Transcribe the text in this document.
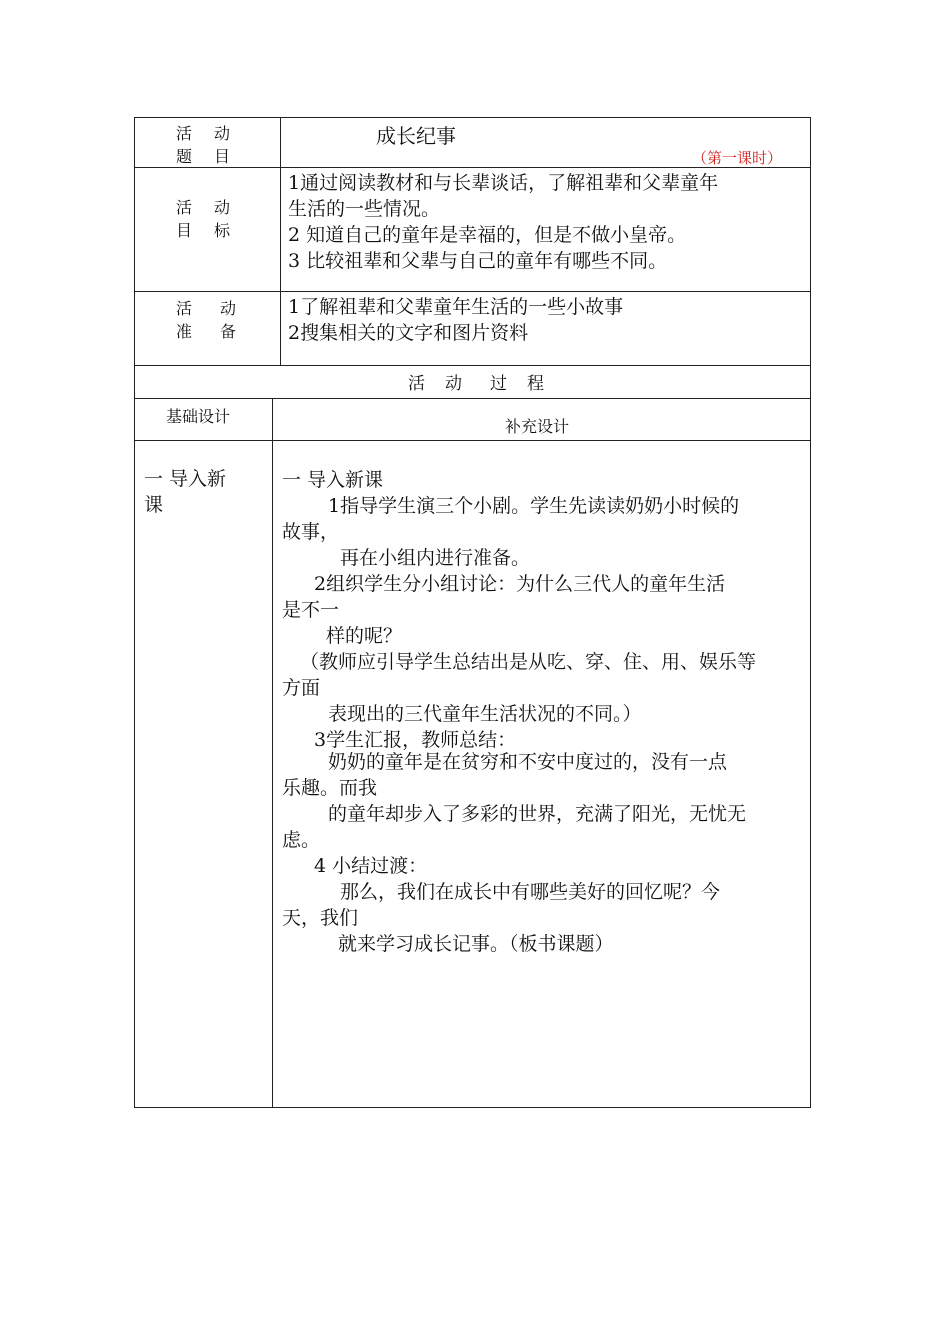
活 动
题 目
成长纪事
（第一课时）
活 动
目 标
1通过阅读教材和与长辈谈话，了解祖辈和父辈童年
生活的一些情况。
2 知道自己的童年是幸福的，但是不做小皇帝。
3 比较祖辈和父辈与自己的童年有哪些不同。
活 动
准 备
1了解祖辈和父辈童年生活的一些小故事
2搜集相关的文字和图片资料
活 动 过 程
基础设计
补充设计
一 导入新
课
一 导入新课
1指导学生演三个小剧。学生先读读奶奶小时候的
故事，
再在小组内进行准备。
2组织学生分小组讨论：为什么三代人的童年生活
是不一
样的呢？
（教师应引导学生总结出是从吃、穿、住、用、娱乐等
方面
表现出的三代童年生活状况的不同。）
3学生汇报，教师总结：
奶奶的童年是在贫穷和不安中度过的，没有一点
乐趣。而我
的童年却步入了多彩的世界，充满了阳光，无忧无
虑。
4 小结过渡：
那么，我们在成长中有哪些美好的回忆呢？今
天，我们
就来学习成长记事。（板书课题）
